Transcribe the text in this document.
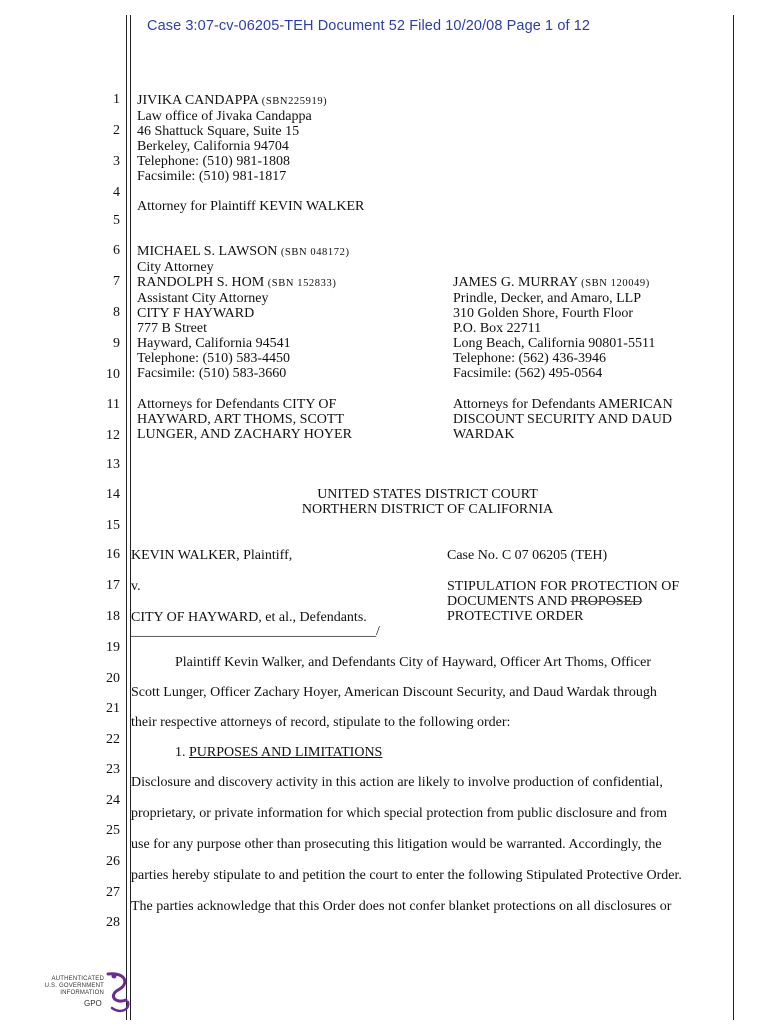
Case 3:07-cv-06205-TEH Document 52 Filed 10/20/08 Page 1 of 12
1
2
3
4
5
6
7
8
9
10
11
12
13
14
15
16
17
18
19
20
21
22
23
24
25
26
27
28
JIVIKA CANDAPPA (SBN225919)
Law office of Jivaka Candappa
46 Shattuck Square, Suite 15
Berkeley, California 94704
Telephone: (510) 981-1808
Facsimile: (510) 981-1817
Attorney for Plaintiff KEVIN WALKER
MICHAEL S. LAWSON (SBN 048172)
City Attorney
RANDOLPH S. HOM (SBN 152833)
Assistant City Attorney
CITY F HAYWARD
777 B Street
Hayward, California 94541
Telephone: (510) 583-4450
Facsimile: (510) 583-3660
Attorneys for Defendants CITY OF
HAYWARD, ART THOMS, SCOTT
LUNGER, AND ZACHARY HOYER
JAMES G. MURRAY (SBN 120049)
Prindle, Decker, and Amaro, LLP
310 Golden Shore, Fourth Floor
P.O. Box 22711
Long Beach, California 90801-5511
Telephone: (562) 436-3946
Facsimile: (562) 495-0564
Attorneys for Defendants AMERICAN
DISCOUNT SECURITY AND DAUD
WARDAK
UNITED STATES DISTRICT COURT
NORTHERN DISTRICT OF CALIFORNIA
KEVIN WALKER, Plaintiff,
v.
CITY OF HAYWARD, et al., Defendants.
___________________________________/
Case No. C 07 06205 (TEH)
STIPULATION FOR PROTECTION OF
DOCUMENTS AND PROPOSED
PROTECTIVE ORDER
Plaintiff Kevin Walker, and Defendants City of Hayward, Officer Art Thoms, Officer
Scott Lunger, Officer Zachary Hoyer, American Discount Security, and Daud Wardak through
their respective attorneys of record, stipulate to the following order:
1. PURPOSES AND LIMITATIONS
Disclosure and discovery activity in this action are likely to involve production of confidential,
proprietary, or private information for which special protection from public disclosure and from
use for any purpose other than prosecuting this litigation would be warranted. Accordingly, the
parties hereby stipulate to and petition the court to enter the following Stipulated Protective Order.
The parties acknowledge that this Order does not confer blanket protections on all disclosures or
AUTHENTICATED
U.S. GOVERNMENT
INFORMATION
GPO
